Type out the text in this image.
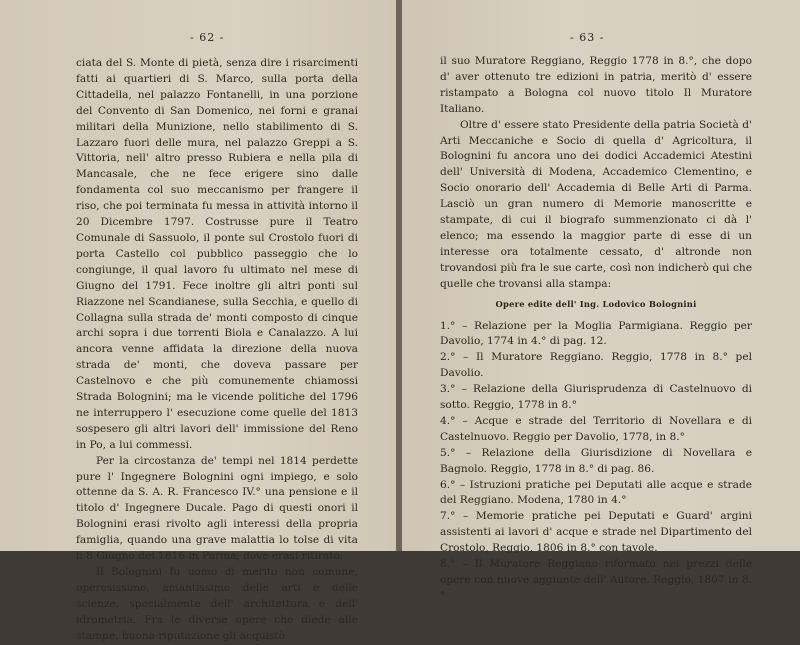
- 62 -

ciata del S. Monte di pietà, senza dire i risarcimenti fatti ai quartieri di S. Marco, sulla porta della Cittadella, nel palazzo Fontanelli, in una porzione del Convento di San Domenico, nei forni e granai militari della Munizione, nello stabilimento di S. Lazzaro fuori delle mura, nel palazzo Greppi a S. Vittoria, nell' altro presso Rubiera e nella pila di Mancasale, che ne fece erigere sino dalle fondamenta col suo meccanismo per frangere il riso, che poi terminata fu messa in attività intorno il 20 Dicembre 1797. Costrusse pure il Teatro Comunale di Sassuolo, il ponte sul Crostolo fuori di porta Castello col pubblico passeggio che lo congiunge, il qual lavoro fu ultimato nel mese di Giugno del 1791. Fece inoltre gli altri ponti sul Riazzone nel Scandianese, sulla Secchia, e quello di Collagna sulla strada de' monti composto di cinque archi sopra i due torrenti Biola e Canalazzo. A lui ancora venne affidata la direzione della nuova strada de' monti, che doveva passare per Castelnovo e che più comunemente chiamossi Strada Bolognini; ma le vicende politiche del 1796 ne interruppero l' esecuzione come quelle del 1813 sospesero gli altri lavori dell' immissione del Reno in Po, a lui commessi.

Per la circostanza de' tempi nel 1814 perdette pure l' Ingegnere Bolognini ogni impiego, e solo ottenne da S. A. R. Francesco IV.° una pensione e il titolo d' Ingegnere Ducale. Pago di questi onori il Bolognini erasi rivolto agli interessi della propria famiglia, quando una grave malattia lo tolse di vita li 8 Giugno del 1816 in Parma, dove erasi ritirato.

Il Bolognini fu uomo di merito non comune, operosissimo, amantissimo delle arti e delle scienze, specialmente dell' architettura e dell' idrometria. Fra le diverse opere che diede alle stampe, buona riputazione gli acquistò

- 63 -

il suo Muratore Reggiano, Reggio 1778 in 8.°, che dopo d' aver ottenuto tre edizioni in patria, meritò d' essere ristampato a Bologna col nuovo titolo Il Muratore Italiano.

Oltre d' essere stato Presidente della patria Società d' Arti Meccaniche e Socio di quella d' Agricoltura, il Bolognini fu ancora uno dei dodici Accademici Atestini dell' Università di Modena, Accademico Clementino, e Socio onorario dell' Accademia di Belle Arti di Parma. Lasciò un gran numero di Memorie manoscritte e stampate, di cui il biografo summenzionato ci dà l' elenco; ma essendo la maggior parte di esse di un interesse ora totalmente cessato, d' altronde non trovandosi più fra le sue carte, così non indicherò qui che quelle che trovansi alla stampa:

Opere edite dell' Ing. Lodovico Bolognini

1.° – Relazione per la Moglia Parmigiana. Reggio per Davolio, 1774 in 4.° di pag. 12.

2.° – Il Muratore Reggiano. Reggio, 1778 in 8.° pel Davolio.

3.° – Relazione della Giurisprudenza di Castelnuovo di sotto. Reggio, 1778 in 8.°

4.° – Acque e strade del Territorio di Novellara e di Castelnuovo. Reggio per Davolio, 1778, in 8.°

5.° – Relazione della Giurisdizione di Novellara e Bagnolo. Reggio, 1778 in 8.° di pag. 86.

6.° – Istruzioni pratiche pei Deputati alle acque e strade del Reggiano. Modena, 1780 in 4.°

7.° – Memorie pratiche pei Deputati e Guard' argini assistenti ai lavori d' acque e strade nel Dipartimento del Crostolo, Reggio, 1806 in 8.° con tavole.

8.° – Il Muratore Reggiano riformato nei prezzi delle opere con nuove aggiunte dell' Autore. Reggio, 1807 in 8.°
